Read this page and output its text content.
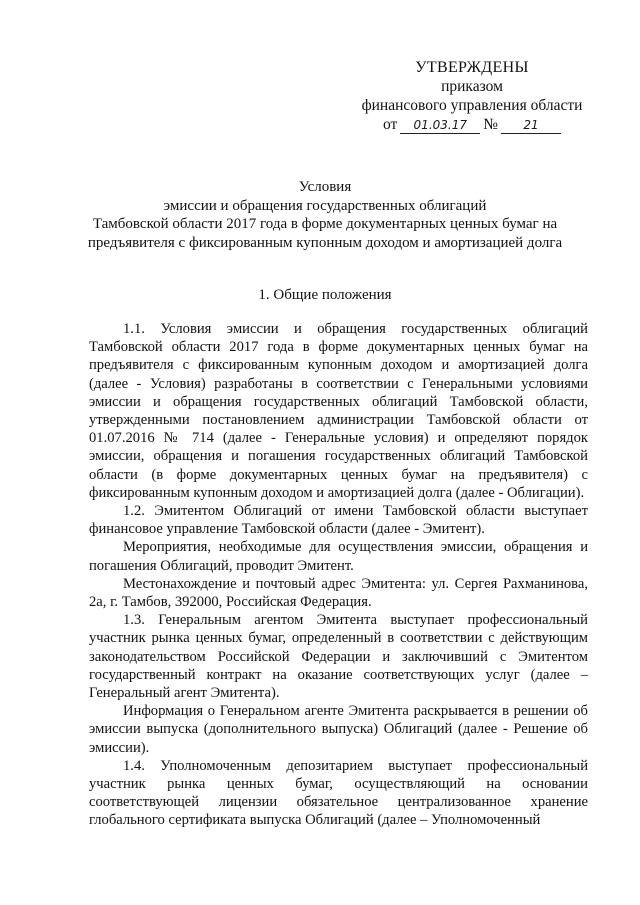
УТВЕРЖДЕНЫ
приказом
финансового управления области
от	01.03.17	№	21
Условия
эмиссии и обращения государственных облигаций
Тамбовской области 2017 года в форме документарных ценных бумаг на
предъявителя с фиксированным купонным доходом и амортизацией долга
1. Общие положения

1.1. Условия эмиссии и обращения государственных облигаций Тамбовской области 2017 года в форме документарных ценных бумаг на предъявителя с фиксированным купонным доходом и амортизацией долга (далее - Условия) разработаны в соответствии с Генеральными условиями эмиссии и обращения государственных облигаций Тамбовской области, утвержденными постановлением администрации Тамбовской области от 01.07.2016 № 714 (далее - Генеральные условия) и определяют порядок эмиссии, обращения и погашения государственных облигаций Тамбовской области (в форме документарных ценных бумаг на предъявителя) с фиксированным купонным доходом и амортизацией долга (далее - Облигации).

1.2. Эмитентом Облигаций от имени Тамбовской области выступает финансовое управление Тамбовской области (далее - Эмитент).

Мероприятия, необходимые для осуществления эмиссии, обращения и погашения Облигаций, проводит Эмитент.

Местонахождение и почтовый адрес Эмитента: ул. Сергея Рахманинова, 2а, г. Тамбов, 392000, Российская Федерация.

1.3. Генеральным агентом Эмитента выступает профессиональный участник рынка ценных бумаг, определенный в соответствии с действующим законодательством Российской Федерации и заключивший с Эмитентом государственный контракт на оказание соответствующих услуг (далее – Генеральный агент Эмитента).

Информация о Генеральном агенте Эмитента раскрывается в решении об эмиссии выпуска (дополнительного выпуска) Облигаций (далее - Решение об эмиссии).

1.4. Уполномоченным депозитарием выступает профессиональный участник рынка ценных бумаг, осуществляющий на основании соответствующей лицензии обязательное централизованное хранение глобального сертификата выпуска Облигаций (далее – Уполномоченный
